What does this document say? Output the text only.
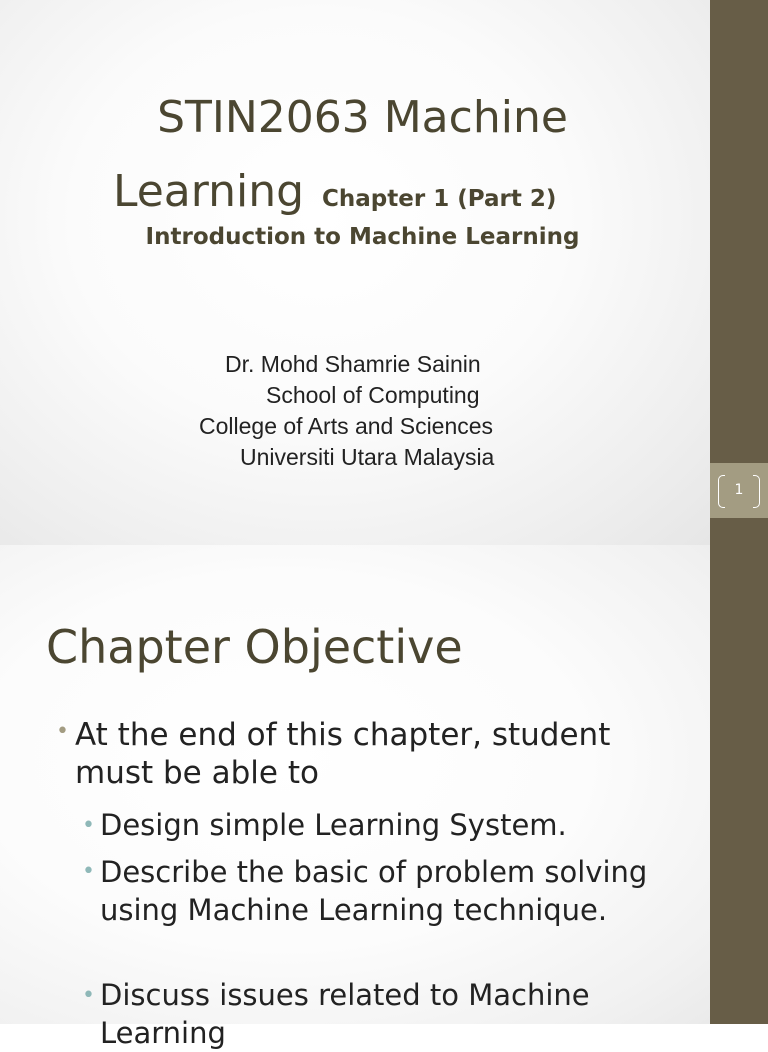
STIN2063 Machine
Learning Chapter 1 (Part 2)
Introduction to Machine Learning
Dr. Mohd Shamrie Sainin
School of Computing
College of Arts and Sciences
Universiti Utara Malaysia
Chapter Objective
• At the end of this chapter, student must be able to
• Design simple Learning System.
• Describe the basic of problem solving using Machine Learning technique.
• Discuss issues related to Machine Learning
1
